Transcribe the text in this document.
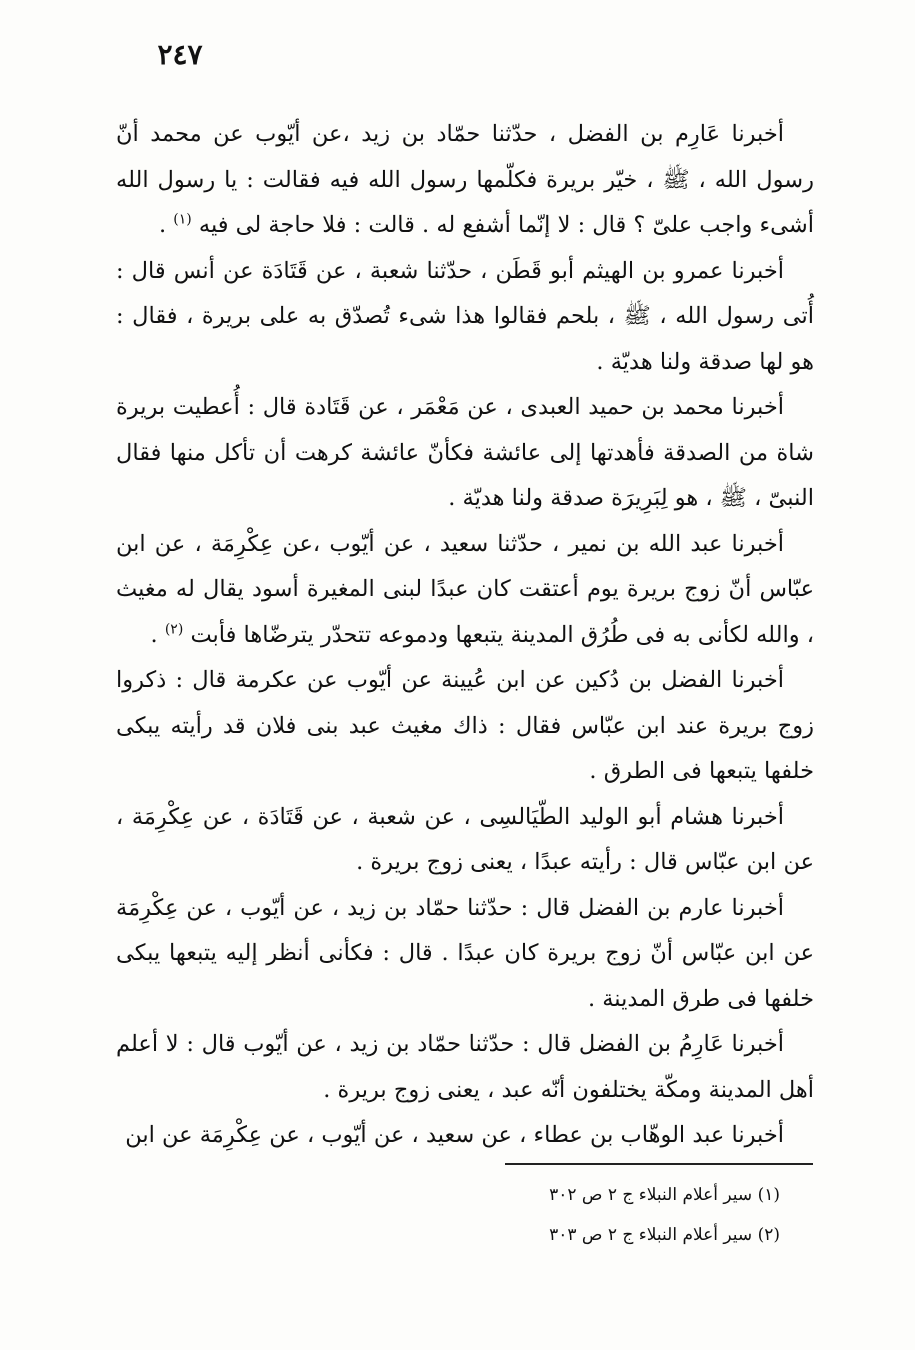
٢٤٧

أخبرنا عَارِم بن الفضل ، حدّثنا حمّاد بن زيد ،عن أيّوب عن محمد أنّ رسول الله ، ﷺ ، خيّر بريرة فكلّمها رسول الله فيه فقالت : يا رسول الله أشىء واجب علىّ ؟ قال : لا إنّما أشفع له . قالت : فلا حاجة لى فيه $^{(١)}$ .

أخبرنا عمرو بن الهيثم أبو قَطَن ، حدّثنا شعبة ، عن قَتَادَة عن أنس قال : أُتى رسول الله ، ﷺ ، بلحم فقالوا هذا شىء تُصدّق به على بريرة ، فقال : هو لها صدقة ولنا هديّة .

أخبرنا محمد بن حميد العبدى ، عن مَعْمَر ، عن قَتَادة قال : أُعطيت بريرة شاة من الصدقة فأهدتها إلى عائشة فكأنّ عائشة كرهت أن تأكل منها فقال النبىّ ، ﷺ ، هو لِبَرِيرَة صدقة ولنا هديّة .

أخبرنا عبد الله بن نمير ، حدّثنا سعيد ، عن أيّوب ،عن عِكْرِمَة ، عن ابن عبّاس أنّ زوج بريرة يوم أعتقت كان عبدًا لبنى المغيرة أسود يقال له مغيث ، والله لكأنى به فى طُرُق المدينة يتبعها ودموعه تتحدّر يترضّاها فأبت $^{(٢)}$ .

أخبرنا الفضل بن دُكين عن ابن عُيينة عن أيّوب عن عكرمة قال : ذكروا زوج بريرة عند ابن عبّاس فقال : ذاك مغيث عبد بنى فلان قد رأيته يبكى خلفها يتبعها فى الطرق .

أخبرنا هشام أبو الوليد الطّيَالسِى ، عن شعبة ، عن قَتَادَة ، عن عِكْرِمَة ، عن ابن عبّاس قال : رأيته عبدًا ، يعنى زوج بريرة .

أخبرنا عارم بن الفضل قال : حدّثنا حمّاد بن زيد ، عن أيّوب ، عن عِكْرِمَة عن ابن عبّاس أنّ زوج بريرة كان عبدًا . قال : فكأنى أنظر إليه يتبعها يبكى خلفها فى طرق المدينة .

أخبرنا عَارِمُ بن الفضل قال : حدّثنا حمّاد بن زيد ، عن أيّوب قال : لا أعلم أهل المدينة ومكّة يختلفون أنّه عبد ، يعنى زوج بريرة .

أخبرنا عبد الوهّاب بن عطاء ، عن سعيد ، عن أيّوب ، عن عِكْرِمَة عن ابن

(١) سير أعلام النبلاء ج ٢ ص ٣٠٢
(٢) سير أعلام النبلاء ج ٢ ص ٣٠٣
